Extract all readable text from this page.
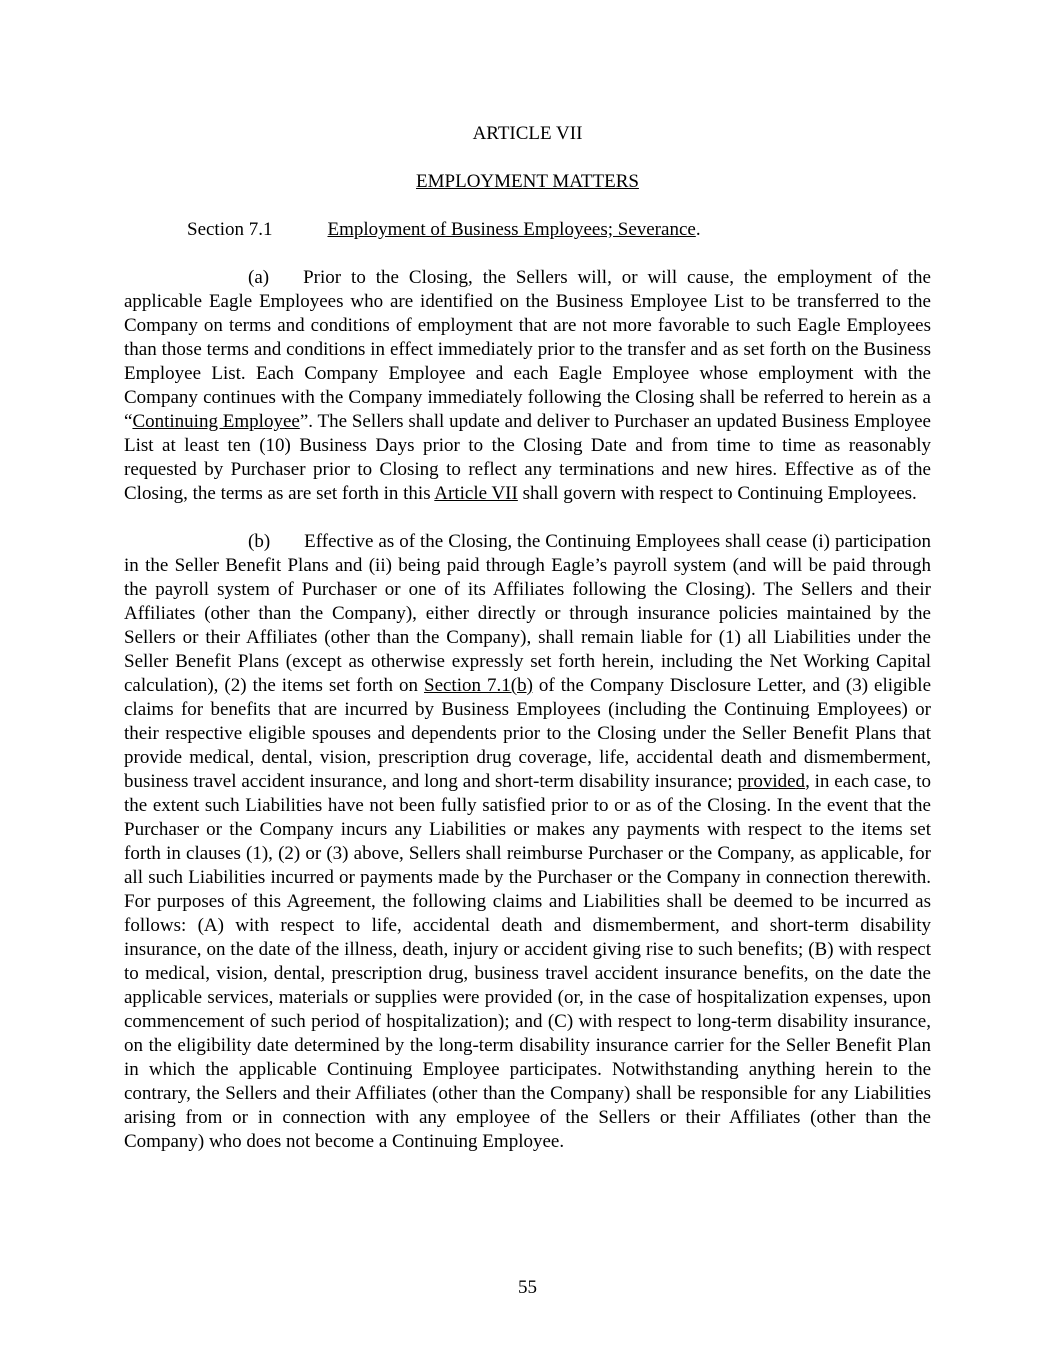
ARTICLE VII

EMPLOYMENT MATTERS

Section 7.1	Employment of Business Employees; Severance.

(a) Prior to the Closing, the Sellers will, or will cause, the employment of the applicable Eagle Employees who are identified on the Business Employee List to be transferred to the Company on terms and conditions of employment that are not more favorable to such Eagle Employees than those terms and conditions in effect immediately prior to the transfer and as set forth on the Business Employee List. Each Company Employee and each Eagle Employee whose employment with the Company continues with the Company immediately following the Closing shall be referred to herein as a “Continuing Employee”. The Sellers shall update and deliver to Purchaser an updated Business Employee List at least ten (10) Business Days prior to the Closing Date and from time to time as reasonably requested by Purchaser prior to Closing to reflect any terminations and new hires. Effective as of the Closing, the terms as are set forth in this Article VII shall govern with respect to Continuing Employees.

(b) Effective as of the Closing, the Continuing Employees shall cease (i) participation in the Seller Benefit Plans and (ii) being paid through Eagle’s payroll system (and will be paid through the payroll system of Purchaser or one of its Affiliates following the Closing). The Sellers and their Affiliates (other than the Company), either directly or through insurance policies maintained by the Sellers or their Affiliates (other than the Company), shall remain liable for (1) all Liabilities under the Seller Benefit Plans (except as otherwise expressly set forth herein, including the Net Working Capital calculation), (2) the items set forth on Section 7.1(b) of the Company Disclosure Letter, and (3) eligible claims for benefits that are incurred by Business Employees (including the Continuing Employees) or their respective eligible spouses and dependents prior to the Closing under the Seller Benefit Plans that provide medical, dental, vision, prescription drug coverage, life, accidental death and dismemberment, business travel accident insurance, and long and short-term disability insurance; provided, in each case, to the extent such Liabilities have not been fully satisfied prior to or as of the Closing. In the event that the Purchaser or the Company incurs any Liabilities or makes any payments with respect to the items set forth in clauses (1), (2) or (3) above, Sellers shall reimburse Purchaser or the Company, as applicable, for all such Liabilities incurred or payments made by the Purchaser or the Company in connection therewith. For purposes of this Agreement, the following claims and Liabilities shall be deemed to be incurred as follows: (A) with respect to life, accidental death and dismemberment, and short-term disability insurance, on the date of the illness, death, injury or accident giving rise to such benefits; (B) with respect to medical, vision, dental, prescription drug, business travel accident insurance benefits, on the date the applicable services, materials or supplies were provided (or, in the case of hospitalization expenses, upon commencement of such period of hospitalization); and (C) with respect to long-term disability insurance, on the eligibility date determined by the long-term disability insurance carrier for the Seller Benefit Plan in which the applicable Continuing Employee participates. Notwithstanding anything herein to the contrary, the Sellers and their Affiliates (other than the Company) shall be responsible for any Liabilities arising from or in connection with any employee of the Sellers or their Affiliates (other than the Company) who does not become a Continuing Employee.

55
